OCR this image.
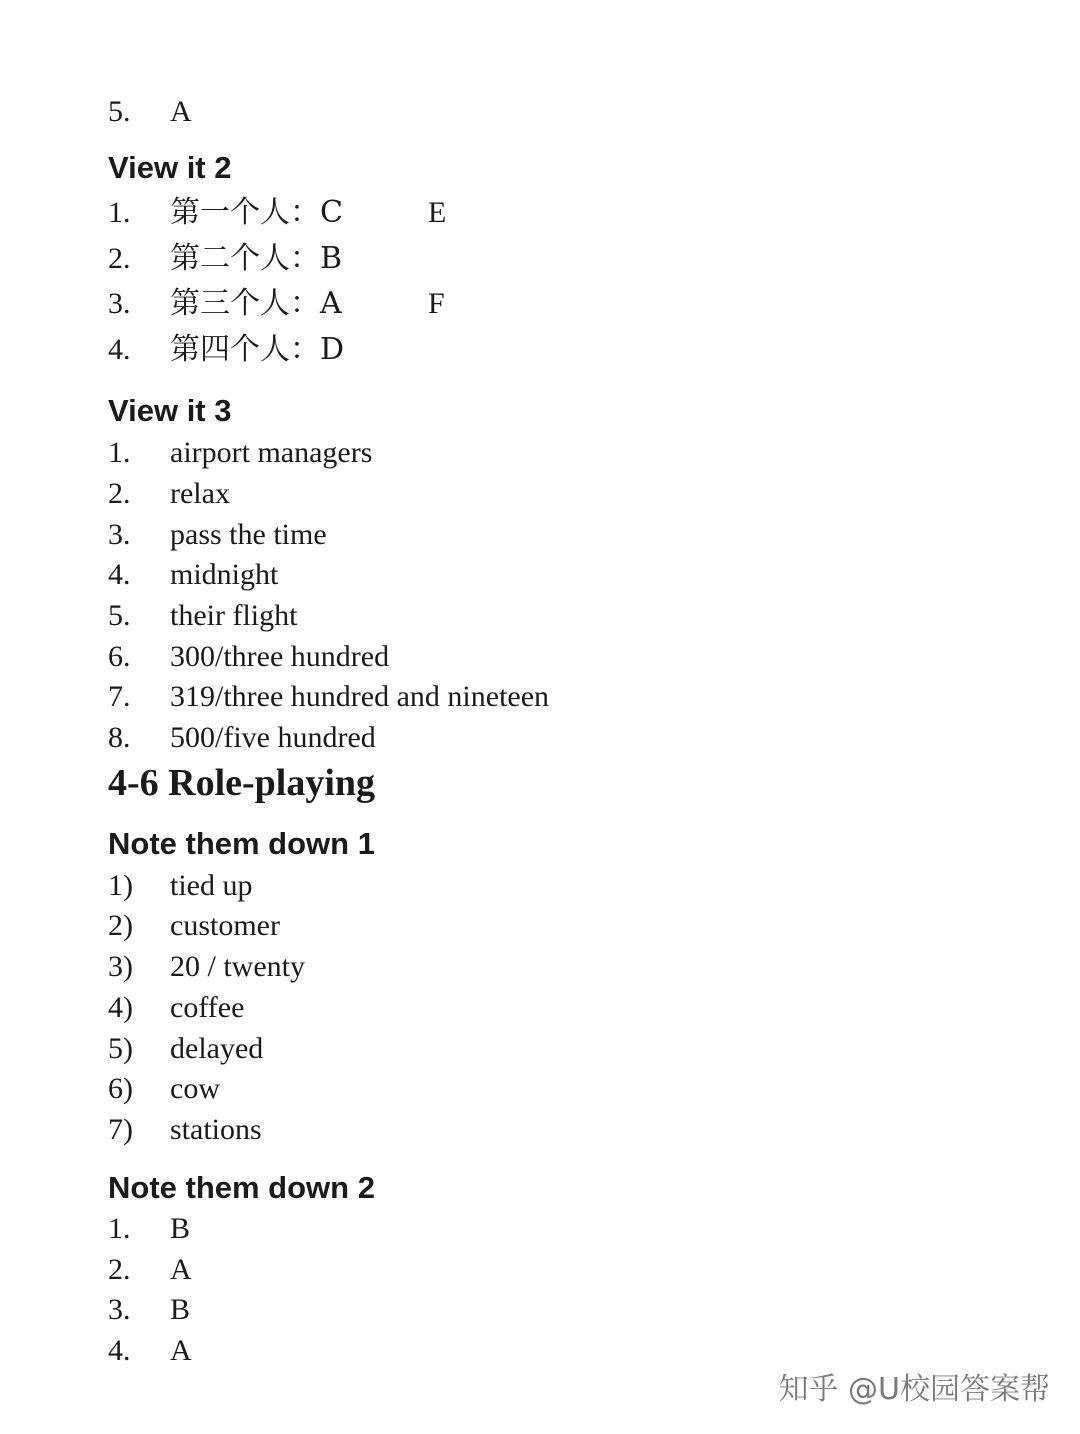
5. A
View it 2
1. 第一个人：C	E
2. 第二个人：B
3. 第三个人：A	F
4. 第四个人：D
View it 3
1. airport managers
2. relax
3. pass the time
4. midnight
5. their flight
6. 300/three hundred
7. 319/three hundred and nineteen
8. 500/five hundred
4-6 Role-playing
Note them down 1
1) tied up
2) customer
3) 20 / twenty
4) coffee
5) delayed
6) cow
7) stations
Note them down 2
1. B
2. A
3. B
4. A
知乎 @U校园答案帮
